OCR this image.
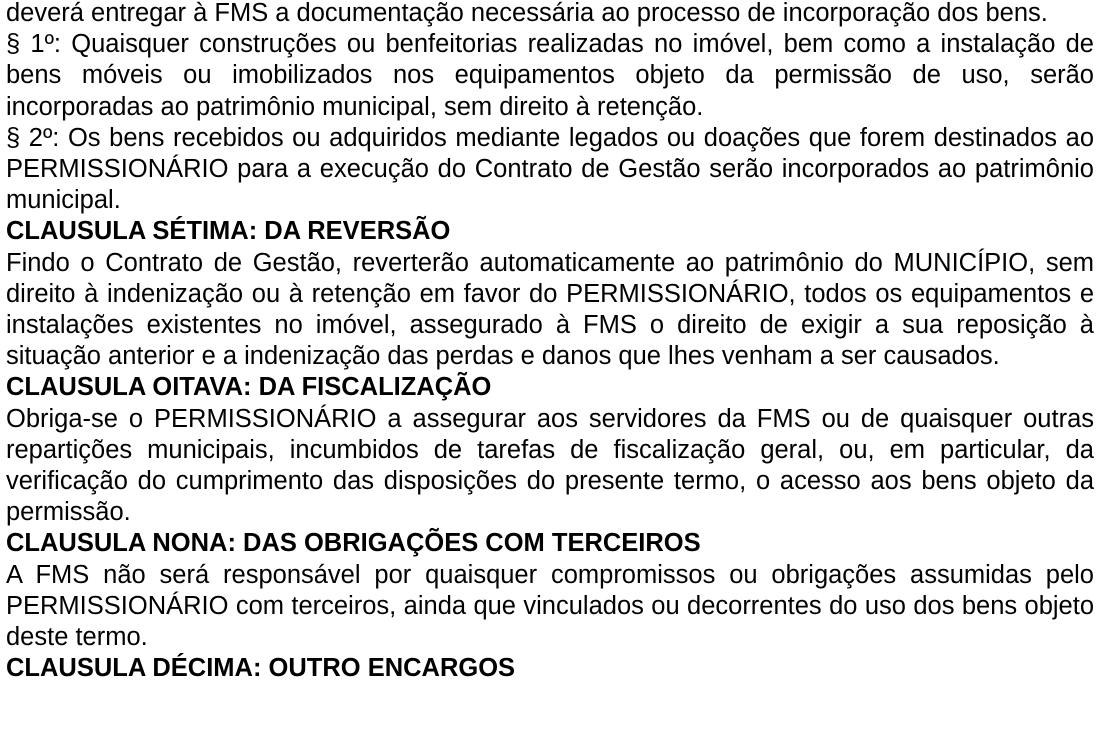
deverá entregar à FMS a documentação necessária ao processo de incorporação dos bens.

§ 1º: Quaisquer construções ou benfeitorias realizadas no imóvel, bem como a instalação de bens móveis ou imobilizados nos equipamentos objeto da permissão de uso, serão incorporadas ao patrimônio municipal, sem direito à retenção.

§ 2º: Os bens recebidos ou adquiridos mediante legados ou doações que forem destinados ao PERMISSIONÁRIO para a execução do Contrato de Gestão serão incorporados ao patrimônio municipal.

CLAUSULA SÉTIMA: DA REVERSÃO

Findo o Contrato de Gestão, reverterão automaticamente ao patrimônio do MUNICÍPIO, sem direito à indenização ou à retenção em favor do PERMISSIONÁRIO, todos os equipamentos e instalações existentes no imóvel, assegurado à FMS o direito de exigir a sua reposição à situação anterior e a indenização das perdas e danos que lhes venham a ser causados.

CLAUSULA OITAVA: DA FISCALIZAÇÃO

Obriga-se o PERMISSIONÁRIO a assegurar aos servidores da FMS ou de quaisquer outras repartições municipais, incumbidos de tarefas de fiscalização geral, ou, em particular, da verificação do cumprimento das disposições do presente termo, o acesso aos bens objeto da permissão.

CLAUSULA NONA: DAS OBRIGAÇÕES COM TERCEIROS

A FMS não será responsável por quaisquer compromissos ou obrigações assumidas pelo PERMISSIONÁRIO com terceiros, ainda que vinculados ou decorrentes do uso dos bens objeto deste termo.

CLAUSULA DÉCIMA: OUTRO ENCARGOS
